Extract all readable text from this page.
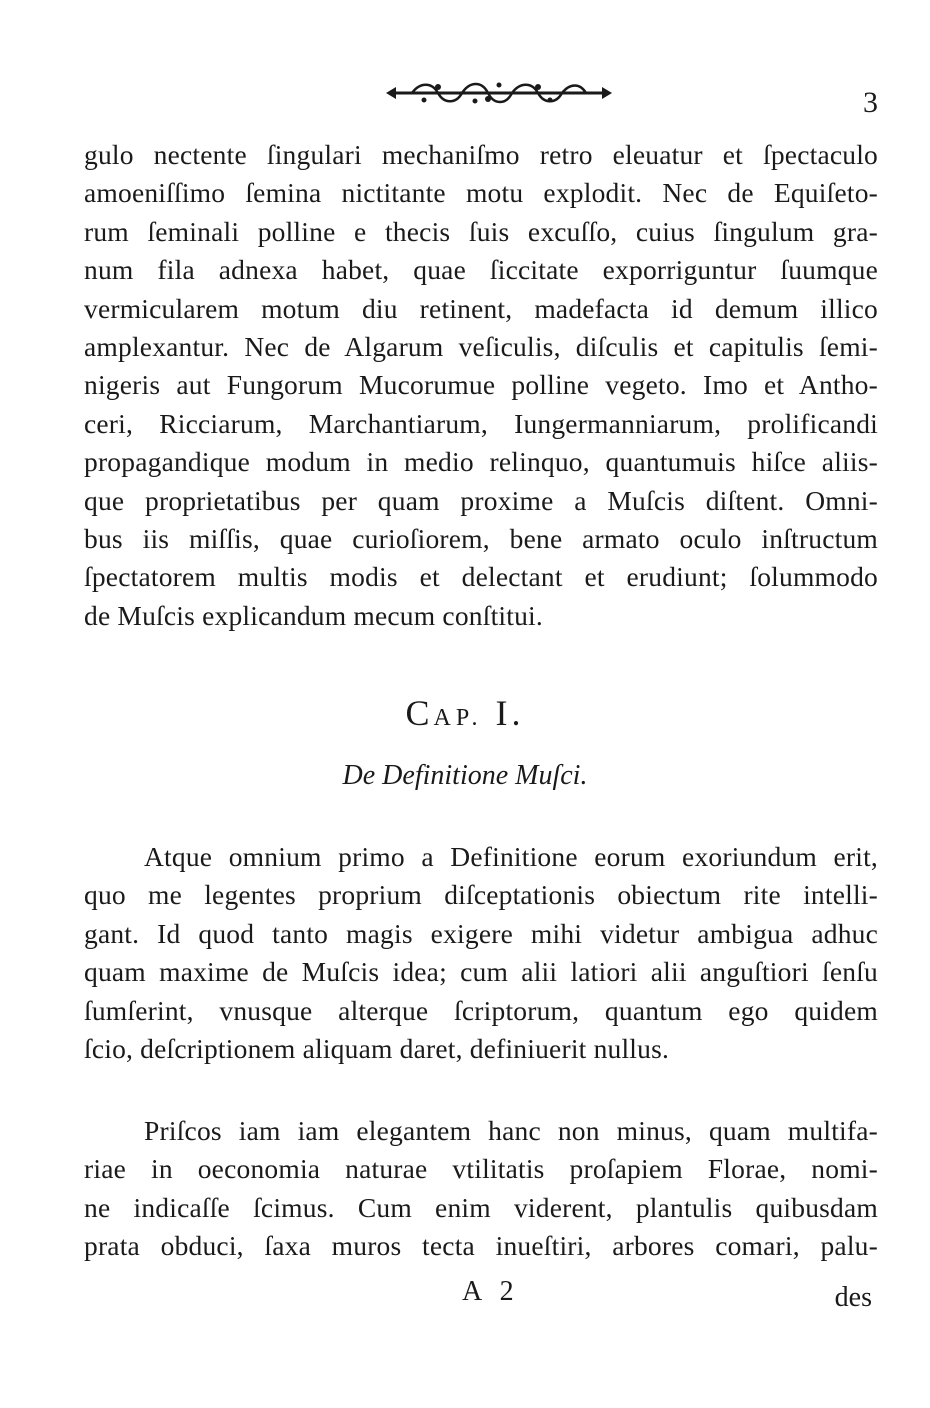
3
gulo nectente ſingulari mechaniſmo retro eleuatur et ſpectaculo
amoeniſſimo ſemina nictitante motu explodit. Nec de Equiſeto-
rum ſeminali polline e thecis ſuis excuſſo, cuius ſingulum gra-
num fila adnexa habet, quae ſiccitate exporriguntur ſuumque
vermicularem motum diu retinent, madefacta id demum illico
amplexantur. Nec de Algarum veſiculis, diſculis et capitulis ſemi-
nigeris aut Fungorum Mucorumue polline vegeto. Imo et Antho-
ceri, Ricciarum, Marchantiarum, Iungermanniarum, prolificandi
propagandique modum in medio relinquo, quantumuis hiſce aliis-
que proprietatibus per quam proxime a Muſcis diſtent. Omni-
bus iis miſſis, quae curioſiorem, bene armato oculo inſtructum
ſpectatorem multis modis et delectant et erudiunt; ſolummodo
de Muſcis explicandum mecum conſtitui.
CAP. I.
De Definitione Muſci.
Atque omnium primo a Definitione eorum exoriundum erit,
quo me legentes proprium diſceptationis obiectum rite intelli-
gant. Id quod tanto magis exigere mihi videtur ambigua adhuc
quam maxime de Muſcis idea; cum alii latiori alii anguſtiori ſenſu
ſumſerint, vnusque alterque ſcriptorum, quantum ego quidem
ſcio, deſcriptionem aliquam daret, definiuerit nullus.
Priſcos iam iam elegantem hanc non minus, quam multifa-
riae in oeconomia naturae vtilitatis proſapiem Florae, nomi-
ne indicaſſe ſcimus. Cum enim viderent, plantulis quibusdam
prata obduci, ſaxa muros tecta inueſtiri, arbores comari, palu-
A 2	des
